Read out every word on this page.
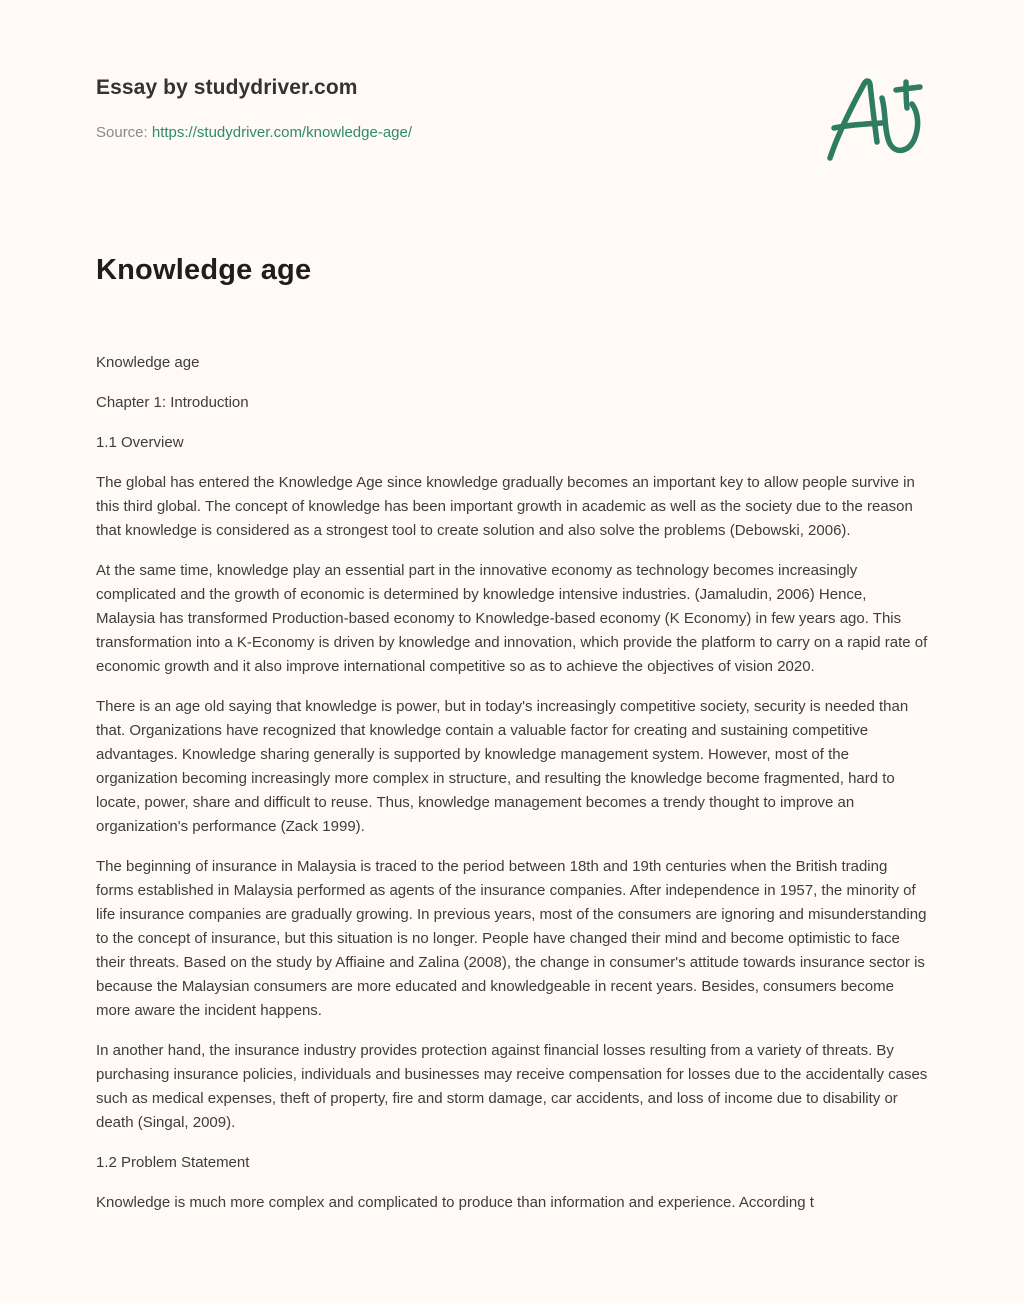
Essay by studydriver.com
Source: https://studydriver.com/knowledge-age/
Knowledge age

Knowledge age

Chapter 1: Introduction

1.1 Overview

The global has entered the Knowledge Age since knowledge gradually becomes an important key to allow people survive in this third global. The concept of knowledge has been important growth in academic as well as the society due to the reason that knowledge is considered as a strongest tool to create solution and also solve the problems (Debowski, 2006).

At the same time, knowledge play an essential part in the innovative economy as technology becomes increasingly complicated and the growth of economic is determined by knowledge intensive industries. (Jamaludin, 2006) Hence, Malaysia has transformed Production-based economy to Knowledge-based economy (K Economy) in few years ago. This transformation into a K-Economy is driven by knowledge and innovation, which provide the platform to carry on a rapid rate of economic growth and it also improve international competitive so as to achieve the objectives of vision 2020.

There is an age old saying that knowledge is power, but in today's increasingly competitive society, security is needed than that. Organizations have recognized that knowledge contain a valuable factor for creating and sustaining competitive advantages. Knowledge sharing generally is supported by knowledge management system. However, most of the organization becoming increasingly more complex in structure, and resulting the knowledge become fragmented, hard to locate, power, share and difficult to reuse. Thus, knowledge management becomes a trendy thought to improve an organization's performance (Zack 1999).

The beginning of insurance in Malaysia is traced to the period between 18th and 19th centuries when the British trading forms established in Malaysia performed as agents of the insurance companies. After independence in 1957, the minority of life insurance companies are gradually growing. In previous years, most of the consumers are ignoring and misunderstanding to the concept of insurance, but this situation is no longer. People have changed their mind and become optimistic to face their threats. Based on the study by Affiaine and Zalina (2008), the change in consumer's attitude towards insurance sector is because the Malaysian consumers are more educated and knowledgeable in recent years. Besides, consumers become more aware the incident happens.

In another hand, the insurance industry provides protection against financial losses resulting from a variety of threats. By purchasing insurance policies, individuals and businesses may receive compensation for losses due to the accidentally cases such as medical expenses, theft of property, fire and storm damage, car accidents, and loss of income due to disability or death (Singal, 2009).

1.2 Problem Statement

Knowledge is much more complex and complicated to produce than information and experience. According t
